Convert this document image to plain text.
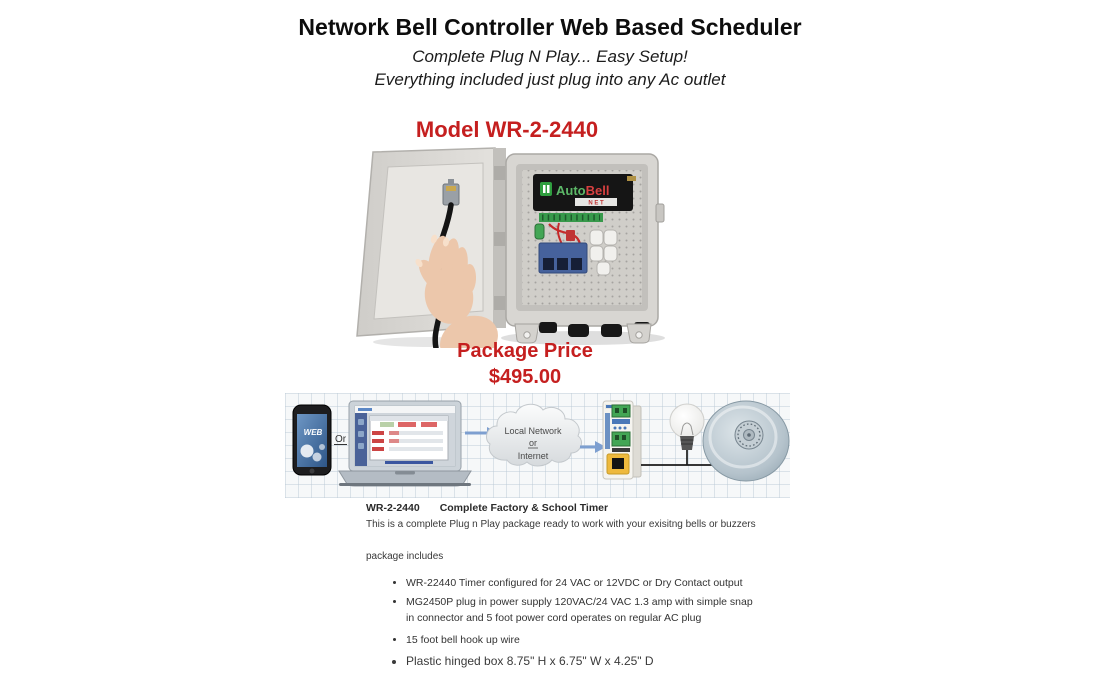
Network Bell Controller Web Based Scheduler
Complete Plug N Play... Easy Setup!
Everything included just plug into any Ac outlet
Model WR-2-2440
AutoBell
N E T
Package Price
$495.00
WEB
Or
Local Network
or
Internet
WR-2-2440 Complete Factory & School Timer
This is a complete Plug n Play package ready to work with your exisitng bells or buzzers
package includes
• WR-22440 Timer configured for 24 VAC or 12VDC or Dry Contact output
• MG2450P plug in power supply 120VAC/24 VAC 1.3 amp with simple snap in connector and 5 foot power cord operates on regular AC plug
• 15 foot bell hook up wire
• Plastic hinged box 8.75" H x 6.75" W x 4.25" D
